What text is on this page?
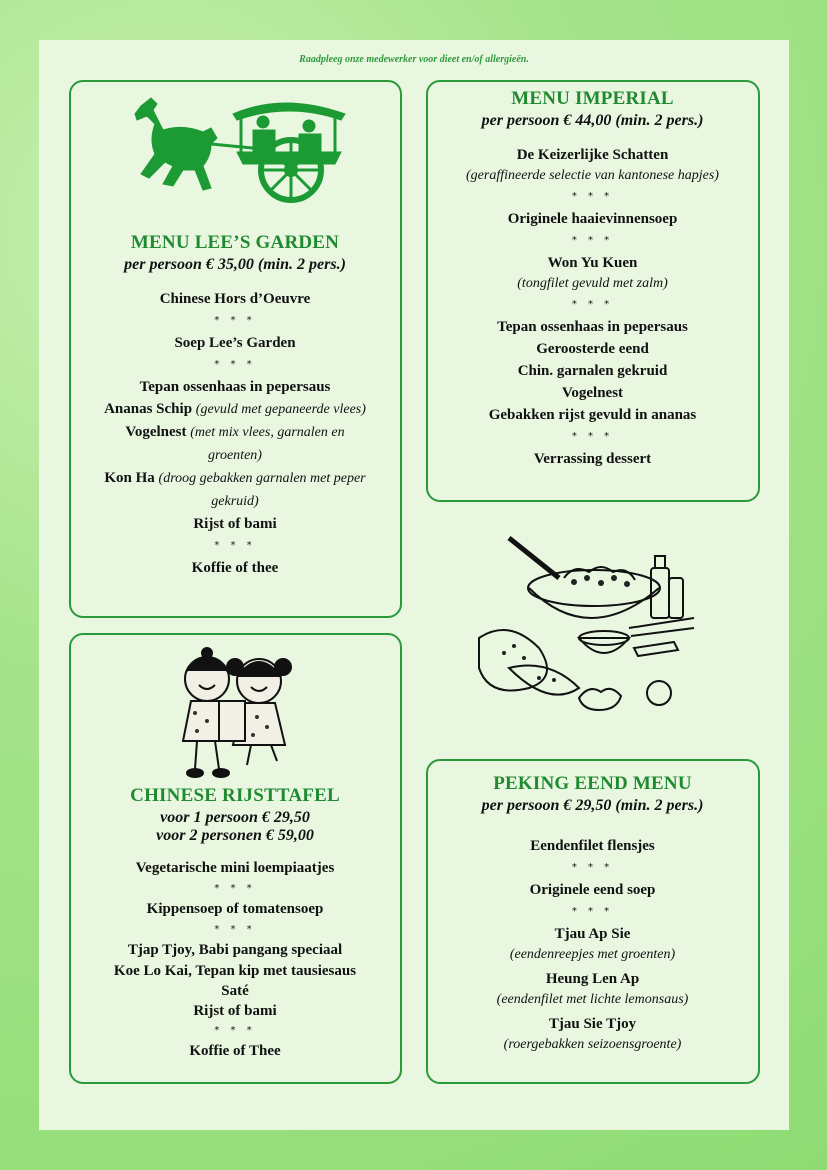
Raadpleeg onze medewerker voor dieet en/of allergieën.
MENU LEE’S GARDEN
per persoon € 35,00 (min. 2 pers.)
Chinese Hors d’Oeuvre
* * *
Soep Lee’s Garden
* * *
Tepan ossenhaas in pepersaus
Ananas Schip (gevuld met gepaneerde vlees)
Vogelnest (met mix vlees, garnalen en groenten)
Kon Ha (droog gebakken garnalen met peper gekruid)
Rijst of bami
* * *
Koffie of thee
MENU IMPERIAL
per persoon € 44,00 (min. 2 pers.)
De Keizerlijke Schatten
(geraffineerde selectie van kantonese hapjes)
* * *
Originele haaievinnensoep
* * *
Won Yu Kuen
(tongfilet gevuld met zalm)
* * *
Tepan ossenhaas in pepersaus
Geroosterde eend
Chin. garnalen gekruid
Vogelnest
Gebakken rijst gevuld in ananas
* * *
Verrassing dessert
CHINESE RIJSTTAFEL
voor 1 persoon € 29,50
voor 2 personen € 59,00
Vegetarische mini loempiaatjes
* * *
Kippensoep of tomatensoep
* * *
Tjap Tjoy, Babi pangang speciaal
Koe Lo Kai, Tepan kip met tausiesaus
Saté
Rijst of bami
* * *
Koffie of Thee
PEKING EEND MENU
per persoon € 29,50 (min. 2 pers.)
Eendenfilet flensjes
* * *
Originele eend soep
* * *
Tjau Ap Sie
(eendenreepjes met groenten)
Heung Len Ap
(eendenfilet met lichte lemonsaus)
Tjau Sie Tjoy
(roergebakken seizoensgroente)
